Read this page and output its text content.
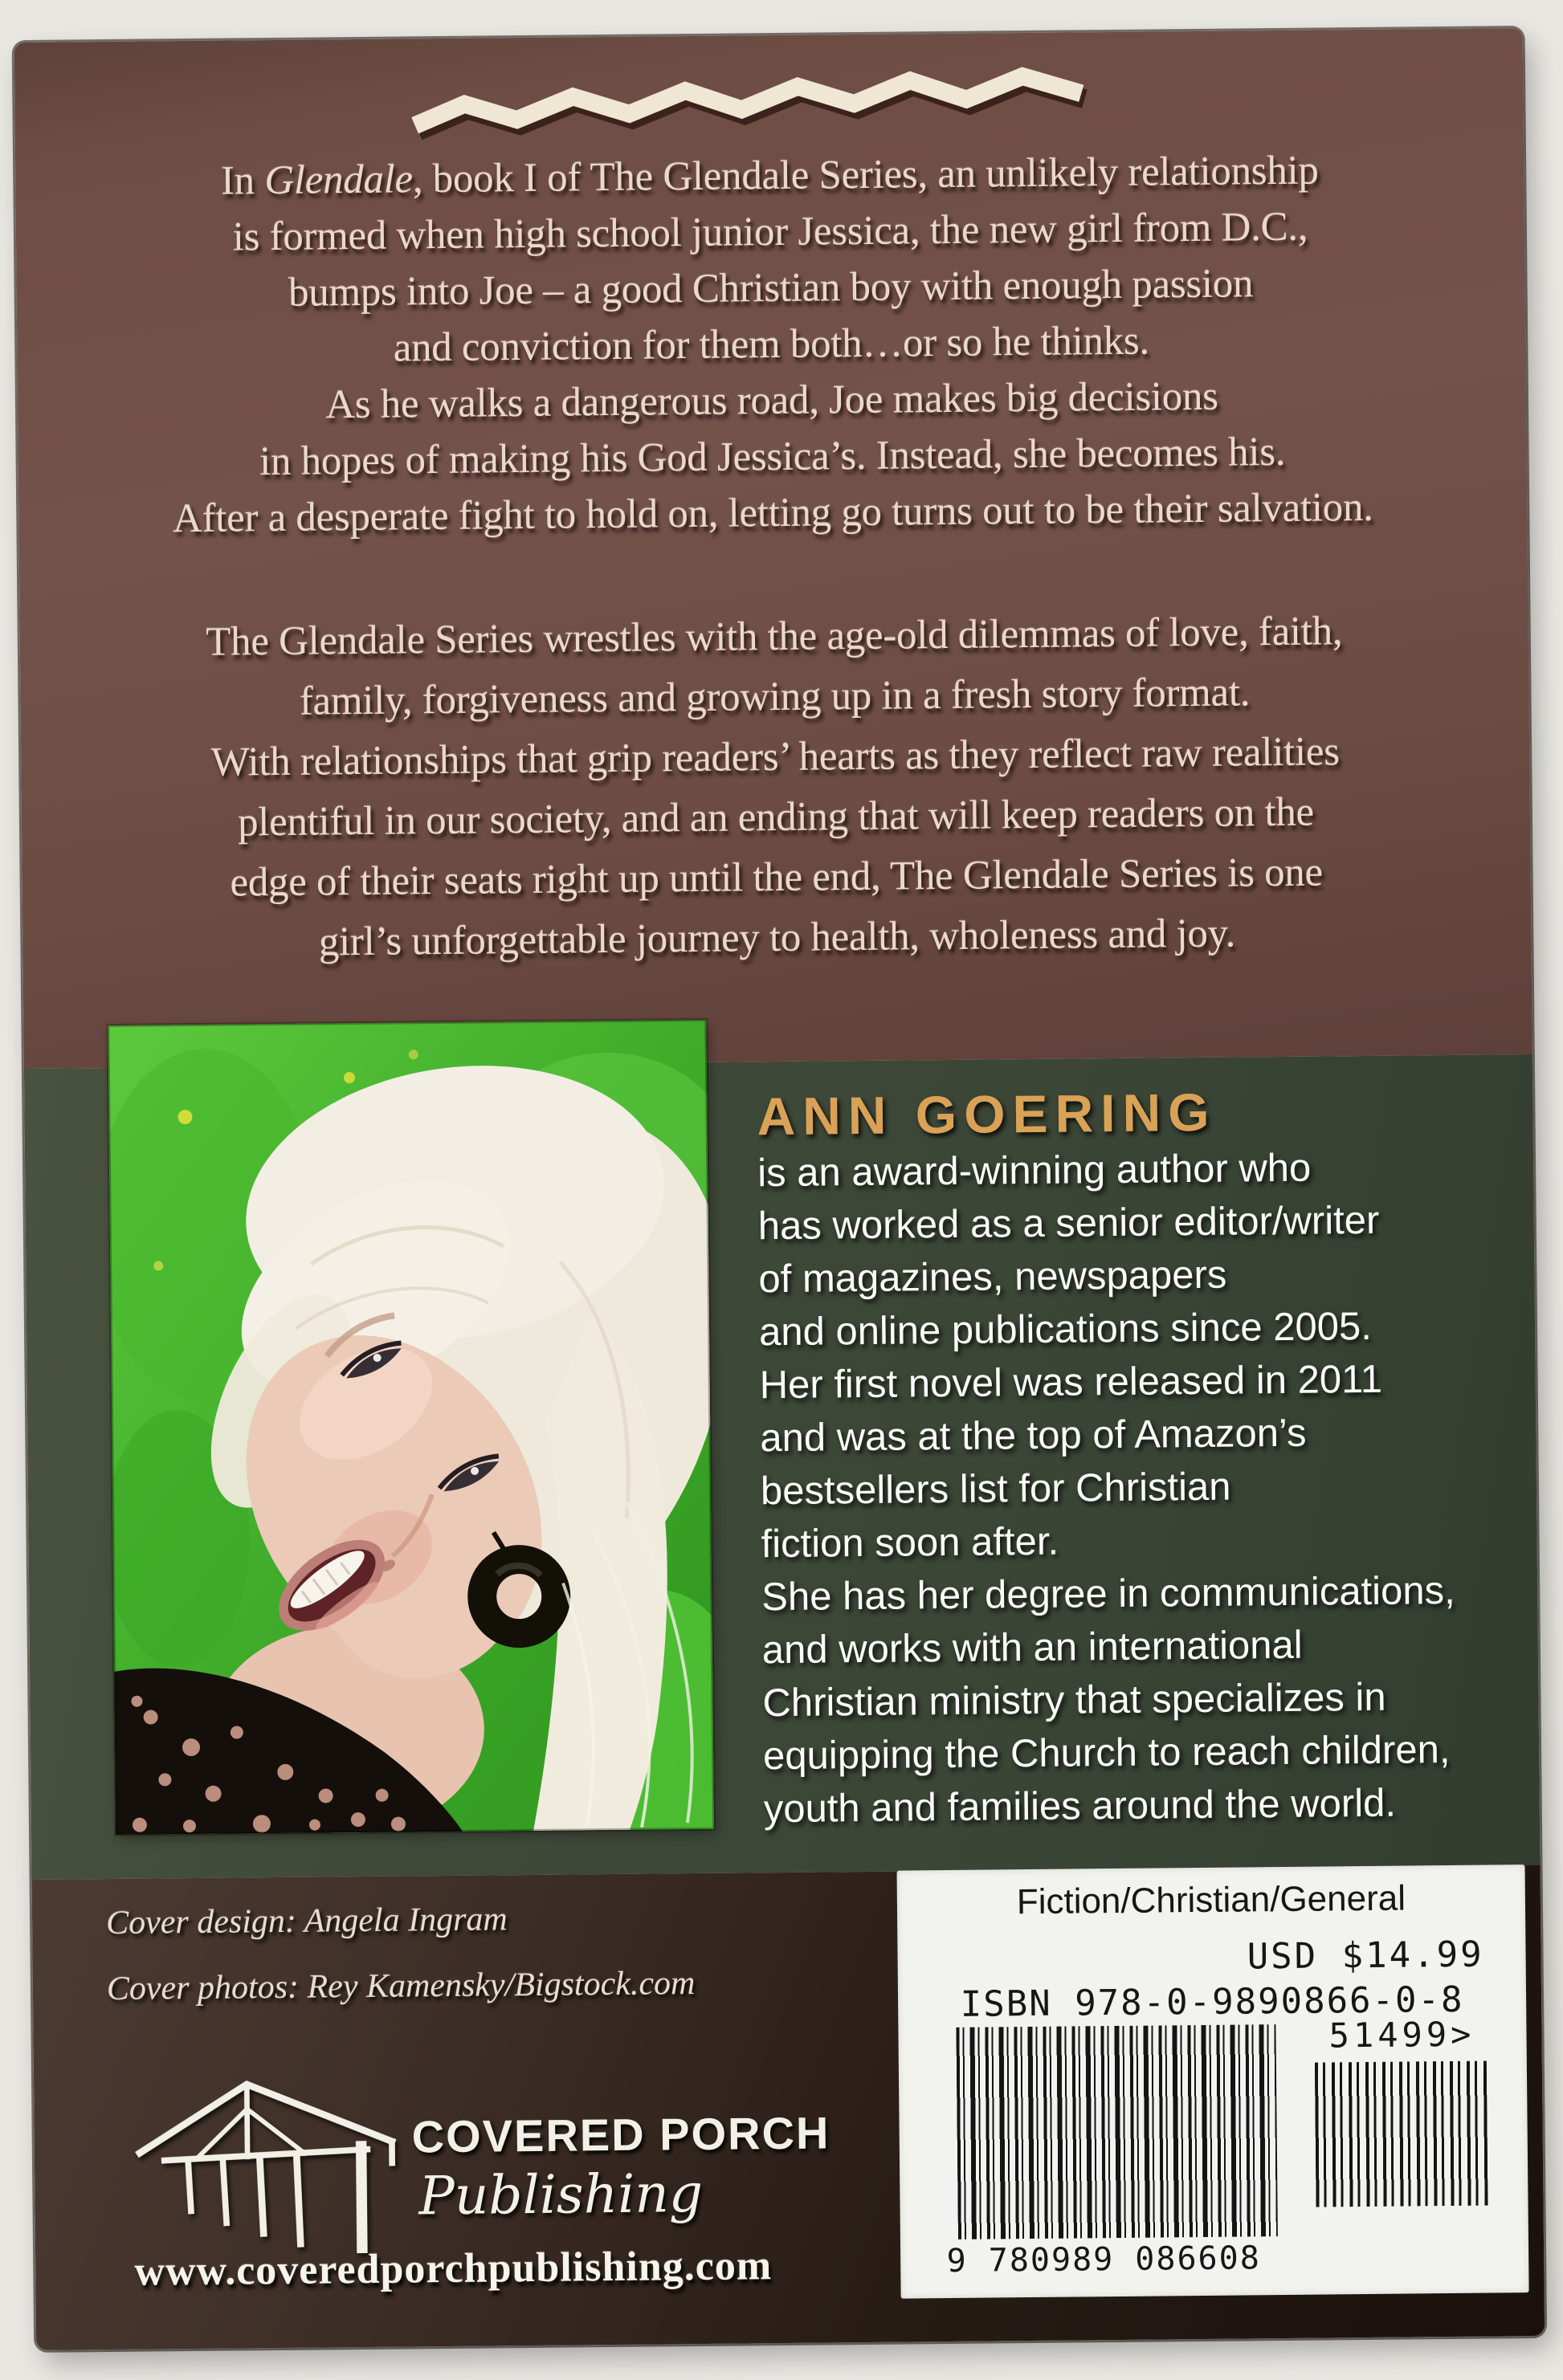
In Glendale, book I of The Glendale Series, an unlikely relationship
is formed when high school junior Jessica, the new girl from D.C.,
bumps into Joe – a good Christian boy with enough passion
and conviction for them both…or so he thinks.
As he walks a dangerous road, Joe makes big decisions
in hopes of making his God Jessica’s. Instead, she becomes his.
After a desperate fight to hold on, letting go turns out to be their salvation.
The Glendale Series wrestles with the age-old dilemmas of love, faith,
family, forgiveness and growing up in a fresh story format.
With relationships that grip readers’ hearts as they reflect raw realities
plentiful in our society, and an ending that will keep readers on the
edge of their seats right up until the end, The Glendale Series is one
girl’s unforgettable journey to health, wholeness and joy.
ANN GOERING
is an award-winning author who
has worked as a senior editor/writer
of magazines, newspapers
and online publications since 2005.
Her first novel was released in 2011
and was at the top of Amazon’s
bestsellers list for Christian
fiction soon after.
She has her degree in communications,
and works with an international
Christian ministry that specializes in
equipping the Church to reach children,
youth and families around the world.
Cover design: Angela Ingram
Cover photos: Rey Kamensky/Bigstock.com
COVERED PORCH
Publishing
www.coveredporchpublishing.com
Fiction/Christian/General
USD $14.99
ISBN 978-0-9890866-0-8
51499>
9 780989 086608
